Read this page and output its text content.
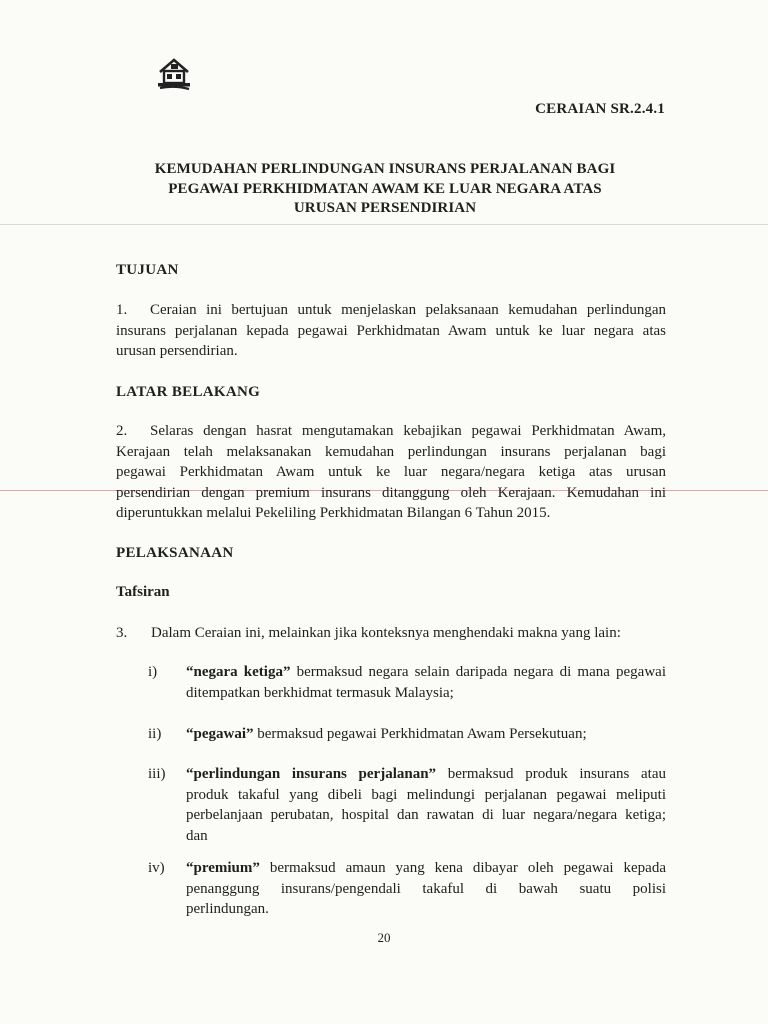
CERAIAN SR.2.4.1
KEMUDAHAN PERLINDUNGAN INSURANS PERJALANAN BAGI
PEGAWAI PERKHIDMATAN AWAM KE LUAR NEGARA ATAS
URUSAN PERSENDIRIAN
TUJUAN
1. Ceraian ini bertujuan untuk menjelaskan pelaksanaan kemudahan perlindungan
insurans perjalanan kepada pegawai Perkhidmatan Awam untuk ke luar negara atas
urusan persendirian.
LATAR BELAKANG
2. Selaras dengan hasrat mengutamakan kebajikan pegawai Perkhidmatan Awam,
Kerajaan telah melaksanakan kemudahan perlindungan insurans perjalanan bagi
pegawai Perkhidmatan Awam untuk ke luar negara/negara ketiga atas urusan
persendirian dengan premium insurans ditanggung oleh Kerajaan. Kemudahan ini
diperuntukkan melalui Pekeliling Perkhidmatan Bilangan 6 Tahun 2015.
PELAKSANAAN
Tafsiran
3. Dalam Ceraian ini, melainkan jika konteksnya menghendaki makna yang lain:
i)	“negara ketiga” bermaksud negara selain daripada negara di mana pegawai
ditempatkan berkhidmat termasuk Malaysia;
ii)	“pegawai” bermaksud pegawai Perkhidmatan Awam Persekutuan;
iii)	“perlindungan insurans perjalanan” bermaksud produk insurans atau
produk takaful yang dibeli bagi melindungi perjalanan pegawai meliputi
perbelanjaan perubatan, hospital dan rawatan di luar negara/negara ketiga;
dan
iv)	“premium” bermaksud amaun yang kena dibayar oleh pegawai kepada
penanggung insurans/pengendali takaful di bawah suatu polisi
perlindungan.
20
